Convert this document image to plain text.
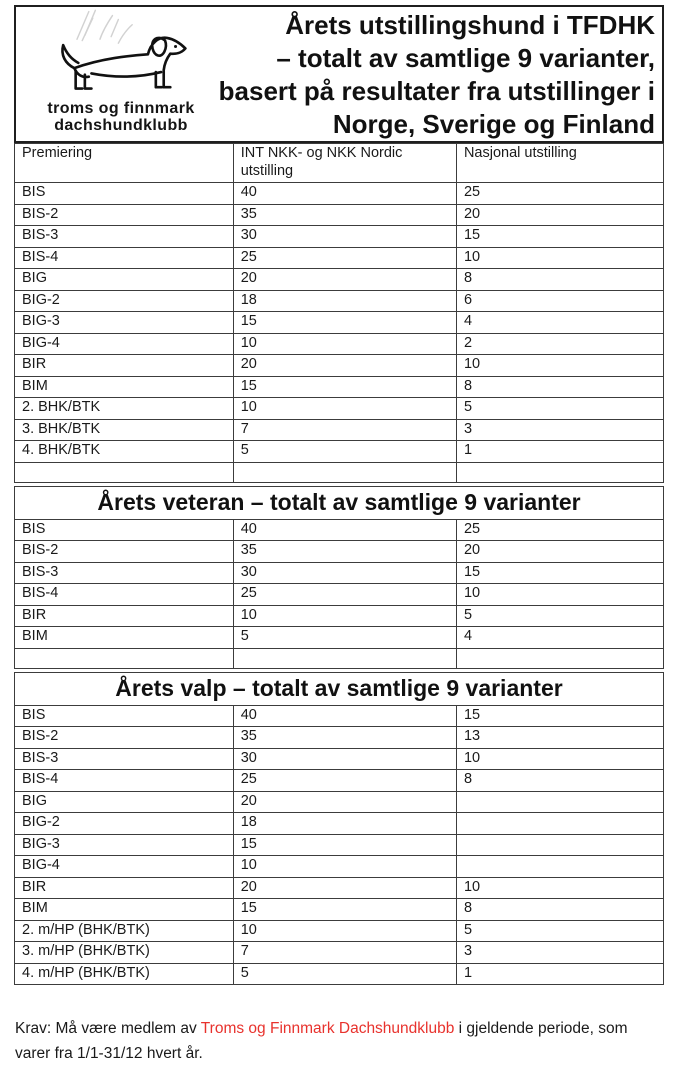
troms og finnmark
dachshundklubb
Årets utstillingshund i TFDHK
– totalt av samtlige 9 varianter,
basert på resultater fra utstillinger i
Norge, Sverige og Finland
Premiering	INT NKK- og NKK Nordic utstilling	Nasjonal utstilling
BIS	40	25
BIS-2	35	20
BIS-3	30	15
BIS-4	25	10
BIG	20	8
BIG-2	18	6
BIG-3	15	4
BIG-4	10	2
BIR	20	10
BIM	15	8
2. BHK/BTK	10	5
3. BHK/BTK	7	3
4. BHK/BTK	5	1

Årets veteran – totalt av samtlige 9 varianter		
BIS	40	25
BIS-2	35	20
BIS-3	30	15
BIS-4	25	10
BIR	10	5
BIM	5	4

Årets valp – totalt av samtlige 9 varianter		
BIS	40	15
BIS-2	35	13
BIS-3	30	10
BIS-4	25	8
BIG	20	
BIG-2	18	
BIG-3	15	
BIG-4	10	
BIR	20	10
BIM	15	8
2. m/HP (BHK/BTK)	10	5
3. m/HP (BHK/BTK)	7	3
4. m/HP (BHK/BTK)	5	1
Krav: Må være medlem av Troms og Finnmark Dachshundklubb i gjeldende periode, som varer fra 1/1-31/12 hvert år.
